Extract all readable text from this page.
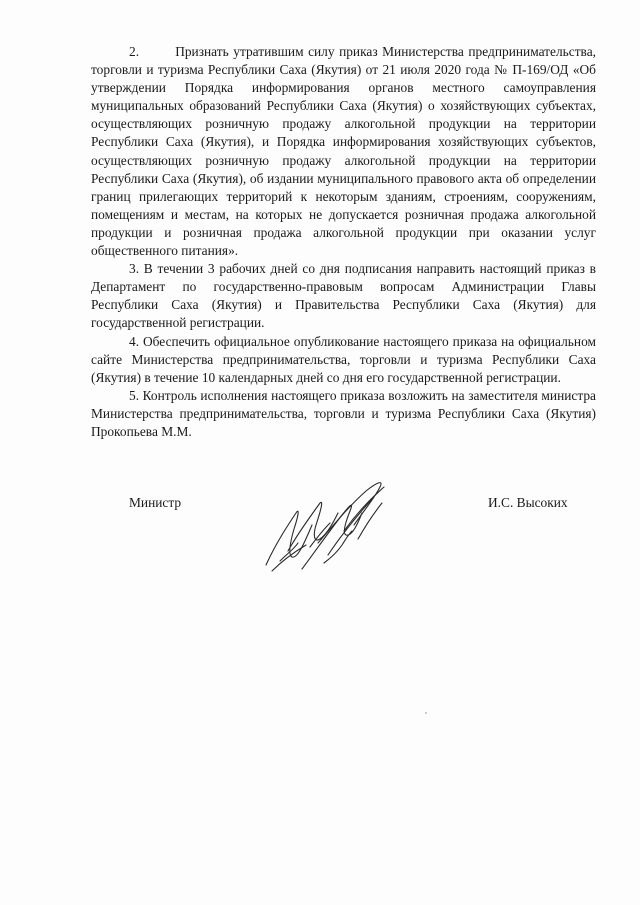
2.        Признать утратившим силу приказ Министерства предпринимательства, торговли и туризма Республики Саха (Якутия) от 21 июля 2020 года № П-169/ОД «Об утверждении Порядка информирования органов местного самоуправления муниципальных образований Республики Саха (Якутия) о хозяйствующих субъектах, осуществляющих розничную продажу алкогольной продукции на территории Республики Саха (Якутия), и Порядка информирования хозяйствующих субъектов, осуществляющих розничную продажу алкогольной продукции на территории Республики Саха (Якутия), об издании муниципального правового акта об определении границ прилегающих территорий к некоторым зданиям, строениям, сооружениям, помещениям и местам, на которых не допускается розничная продажа алкогольной продукции и розничная продажа алкогольной продукции при оказании услуг общественного питания».

3. В течении 3 рабочих дней со дня подписания направить настоящий приказ в Департамент по государственно-правовым вопросам Администрации Главы Республики Саха (Якутия) и Правительства Республики Саха (Якутия) для государственной регистрации.

4. Обеспечить официальное опубликование настоящего приказа на официальном сайте Министерства предпринимательства, торговли и туризма Республики Саха (Якутия) в течение 10 календарных дней со дня его государственной регистрации.

5. Контроль исполнения настоящего приказа возложить на заместителя министра Министерства предпринимательства, торговли и туризма Республики Саха (Якутия) Прокопьева М.М.

Министр	И.С. Высоких
